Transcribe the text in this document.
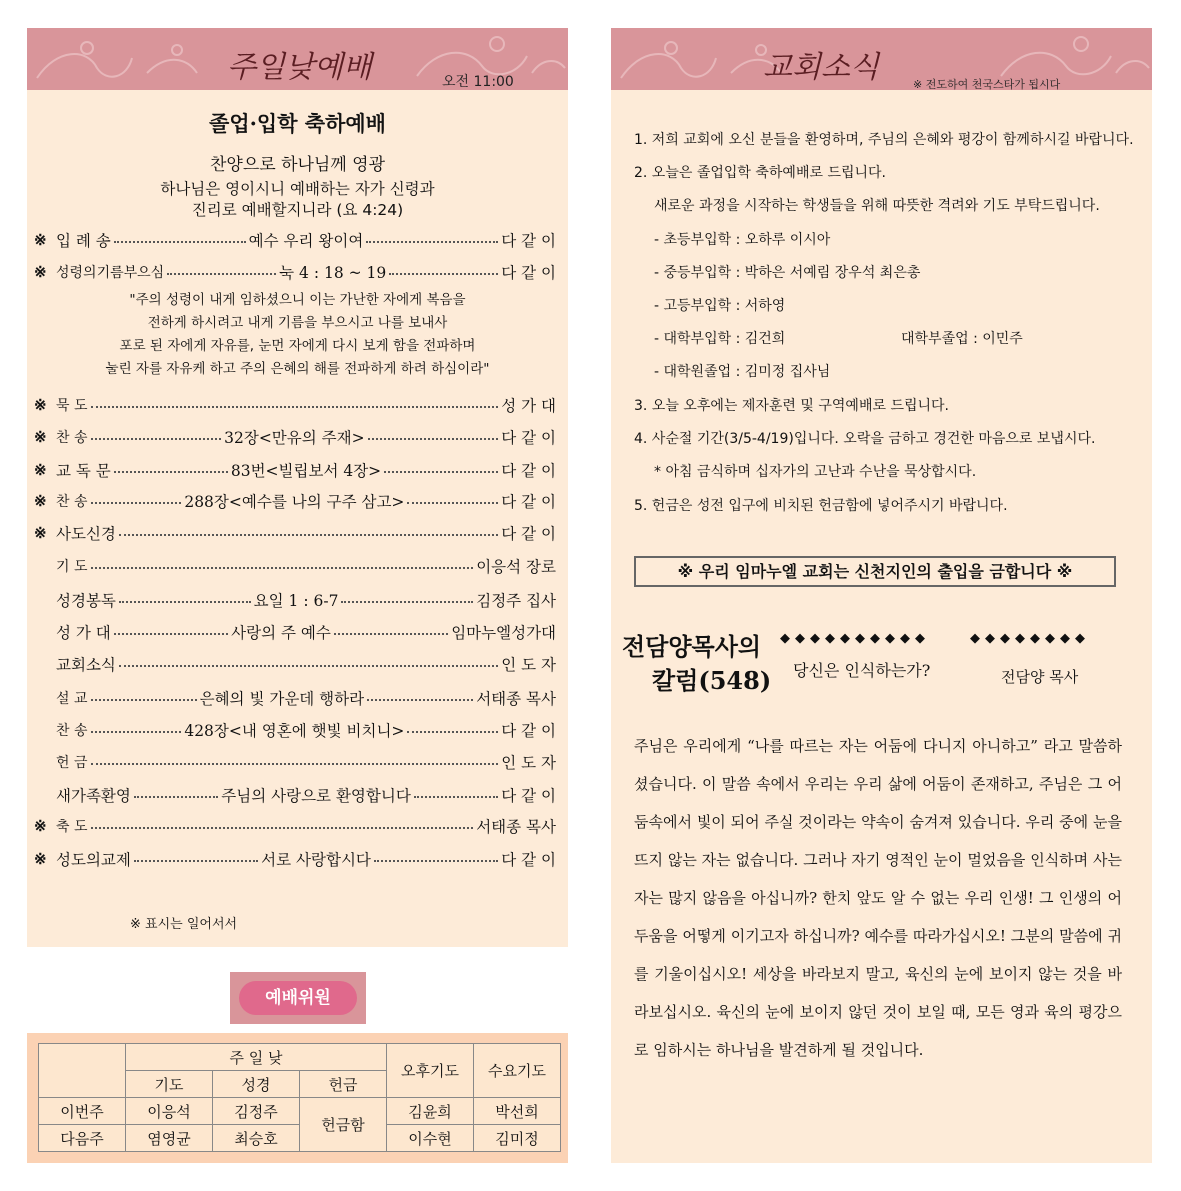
주일낮예배	오전 11:00
졸업·입학 축하예배
찬양으로 하나님께 영광
하나님은 영이시니 예배하는 자가 신령과
진리로 예배할지니라 (요 4:24)
※ 입 례 송	예수 우리 왕이여	다 같 이
※ 성령의기름부으심	눅 4 : 18 ~ 19	다 같 이
※ 묵 도	성 가 대
※ 찬 송	32장<만유의 주재>	다 같 이
※ 교 독 문	83번<빌립보서 4장>	다 같 이
※ 찬 송	288장<예수를 나의 구주 삼고>	다 같 이
※ 사도신경	다 같 이
기 도	이응석 장로
성경봉독	요일 1 : 6-7	김정주 집사
성 가 대	사랑의 주 예수	임마누엘성가대
교회소식	인 도 자
설 교	은혜의 빛 가운데 행하라	서태종 목사
찬 송	428장<내 영혼에 햇빛 비치니>	다 같 이
헌 금	인 도 자
새가족환영	주님의 사랑으로 환영합니다	다 같 이
※ 축 도	서태종 목사
※ 성도의교제	서로 사랑합시다	다 같 이
"주의 성령이 내게 임하셨으니 이는 가난한 자에게 복음을
전하게 하시려고 내게 기름을 부으시고 나를 보내사
포로 된 자에게 자유를, 눈먼 자에게 다시 보게 함을 전파하며
눌린 자를 자유케 하고 주의 은혜의 해를 전파하게 하려 하심이라"
※ 표시는 일어서서
예배위원
	주 일 낮			오후기도	수요기도
	기도	성경	헌금		
이번주	이응석	김정주	헌금함	김윤희	박선희
다음주	염영균	최승호		이수현	김미정
교회소식	※ 전도하여 천국스타가 됩시다
1. 저희 교회에 오신 분들을 환영하며, 주님의 은혜와 평강이 함께하시길 바랍니다.
2. 오늘은 졸업입학 축하예배로 드립니다.
새로운 과정을 시작하는 학생들을 위해 따뜻한 격려와 기도 부탁드립니다.
- 초등부입학 : 오하루 이시아
- 중등부입학 : 박하은 서예림 장우석 최은총
- 고등부입학 : 서하영
- 대학부입학 : 김건희	대학부졸업 : 이민주
- 대학원졸업 : 김미정 집사님
3. 오늘 오후에는 제자훈련 및 구역예배로 드립니다.
4. 사순절 기간(3/5-4/19)입니다. 오락을 금하고 경건한 마음으로 보냅시다.
* 아침 금식하며 십자가의 고난과 수난을 묵상합시다.
5. 헌금은 성전 입구에 비치된 헌금함에 넣어주시기 바랍니다.
※ 우리 임마누엘 교회는 신천지인의 출입을 금합니다 ※
전담양목사의
칼럼(548)
◆◆◆◆◆◆◆◆◆◆	◆◆◆◆◆◆◆◆
당신은 인식하는가?	전담양 목사
주님은 우리에게 “나를 따르는 자는 어둠에 다니지 아니하고” 라고 말씀하셨습니다. 이 말씀 속에서 우리는 우리 삶에 어둠이 존재하고, 주님은 그 어둠속에서 빛이 되어 주실 것이라는 약속이 숨겨져 있습니다. 우리 중에 눈을 뜨지 않는 자는 없습니다. 그러나 자기 영적인 눈이 멀었음을 인식하며 사는 자는 많지 않음을 아십니까? 한치 앞도 알 수 없는 우리 인생! 그 인생의 어두움을 어떻게 이기고자 하십니까? 예수를 따라가십시오! 그분의 말씀에 귀를 기울이십시오! 세상을 바라보지 말고, 육신의 눈에 보이지 않는 것을 바라보십시오. 육신의 눈에 보이지 않던 것이 보일 때, 모든 영과 육의 평강으로 임하시는 하나님을 발견하게 될 것입니다.
